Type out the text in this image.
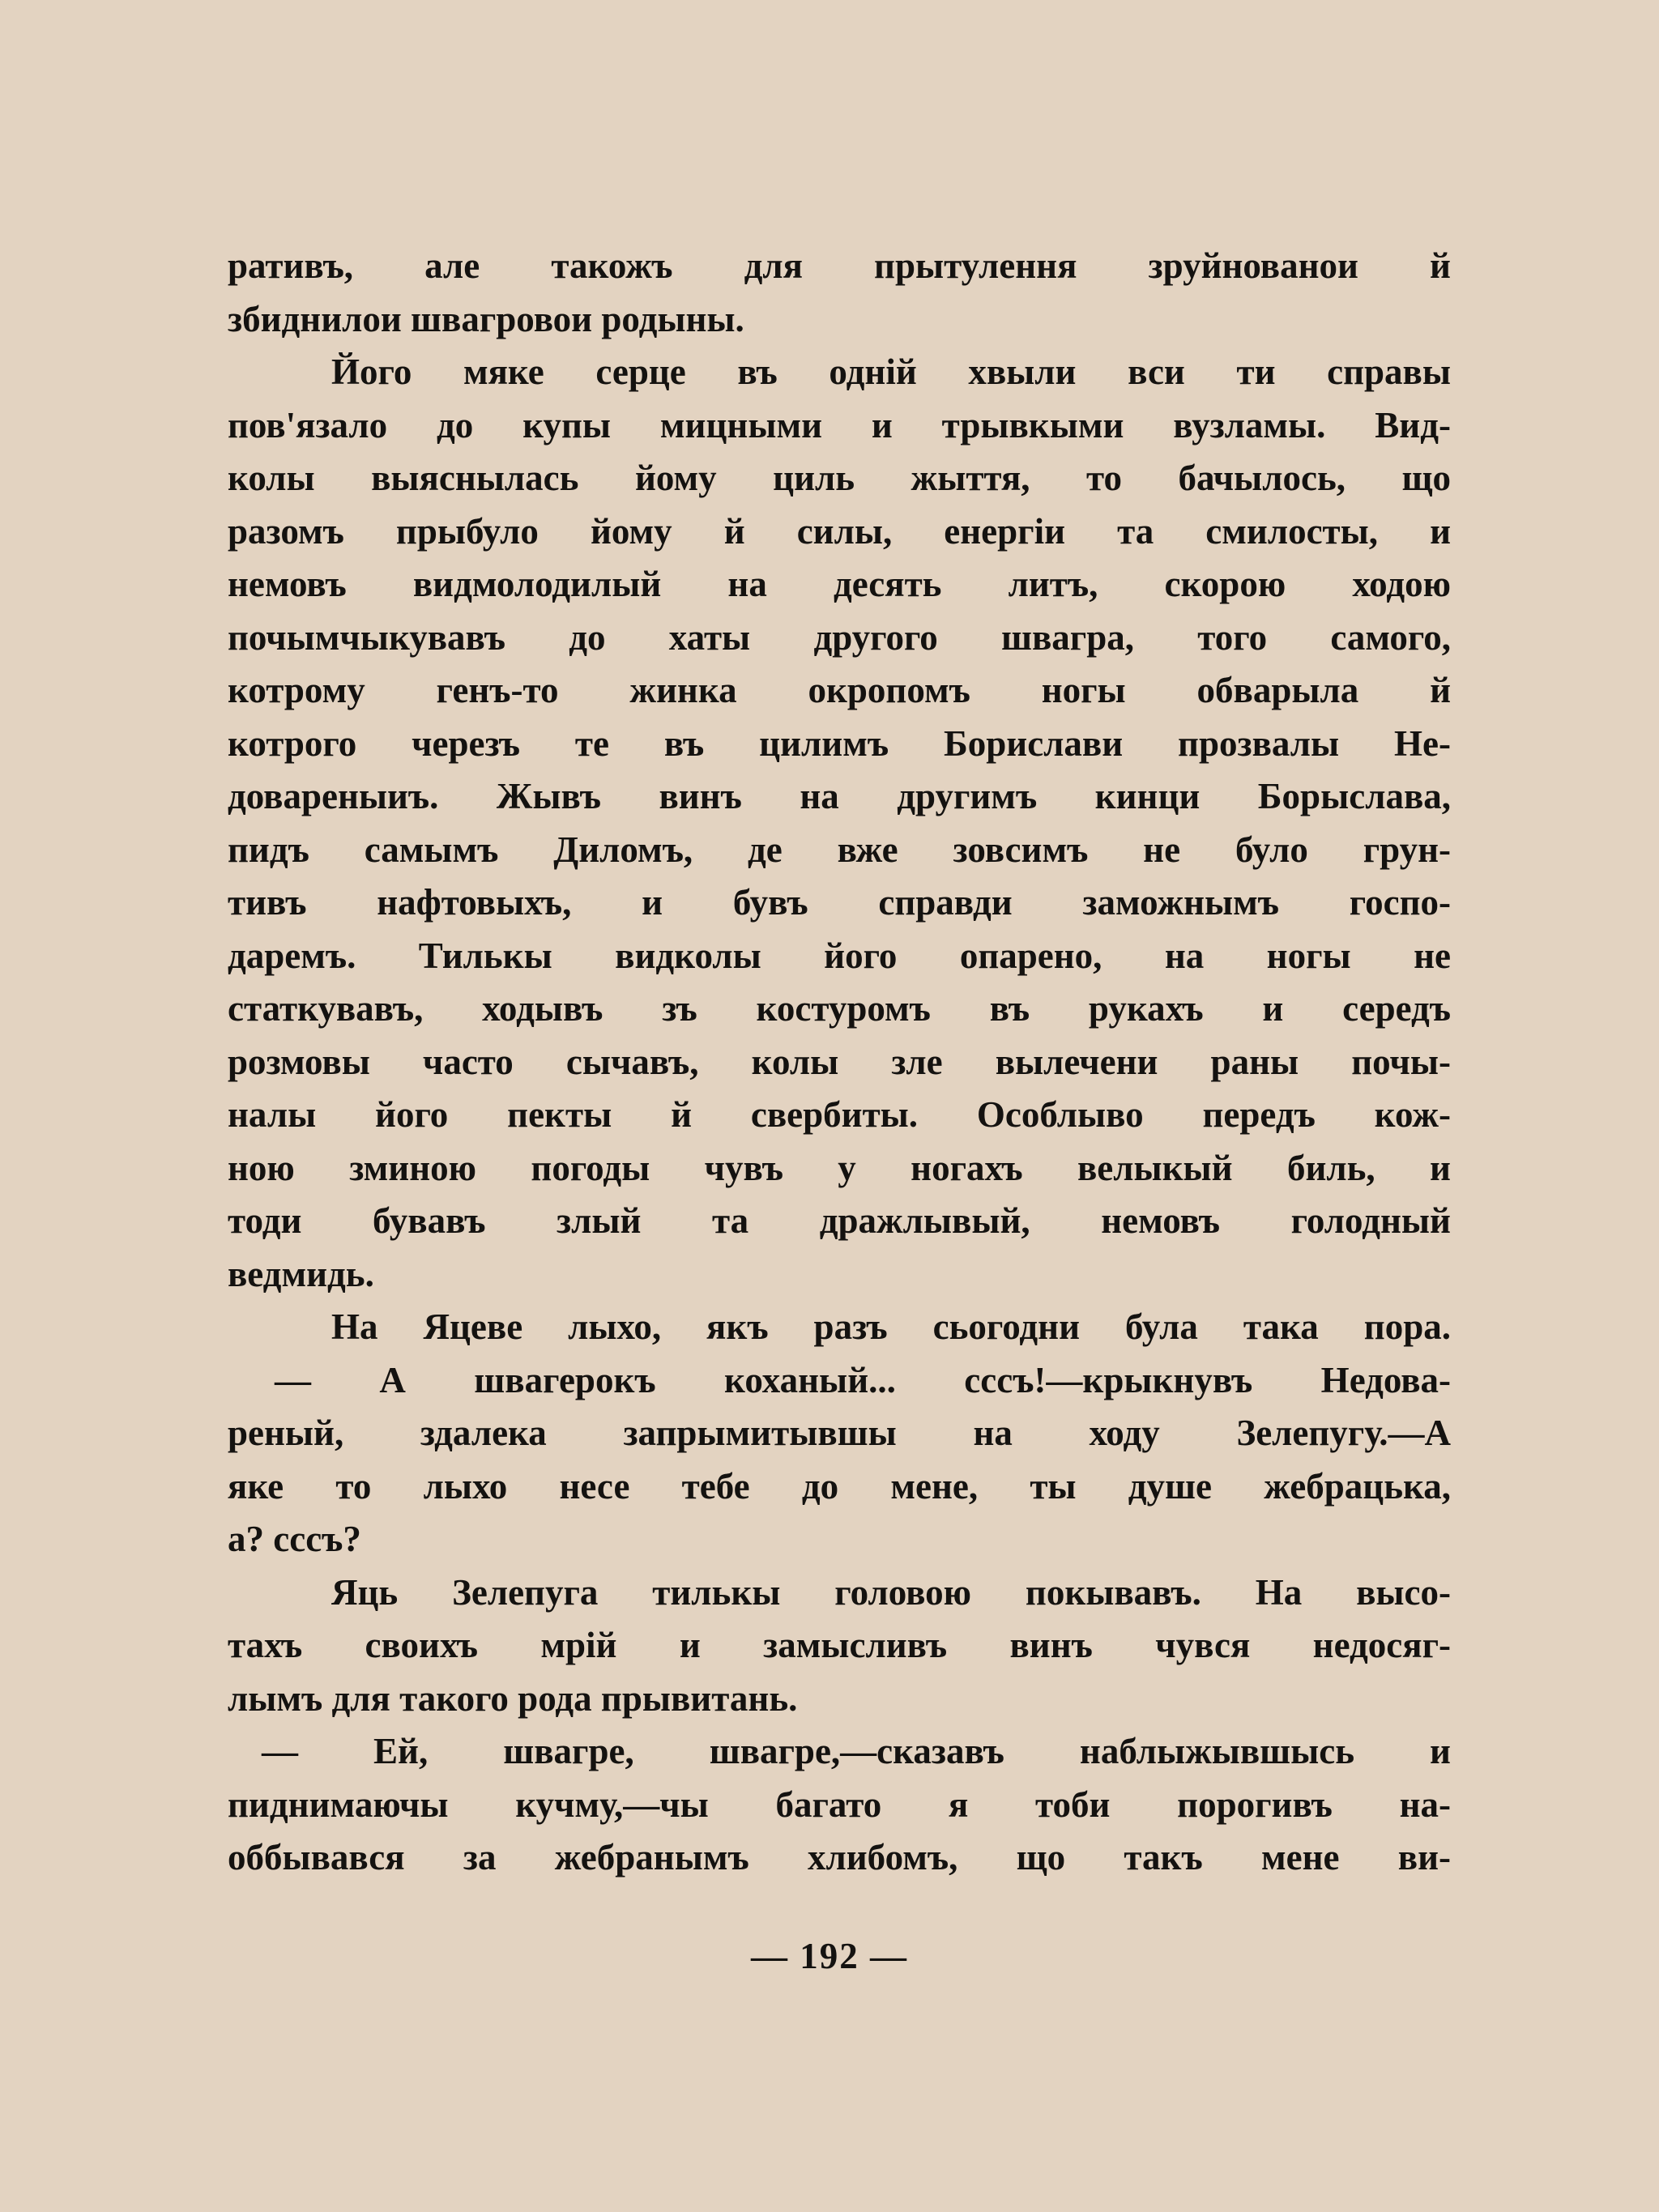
ративъ, але такожъ для прытулення зруйнованои й
збиднилои швагровои родыны.
Його мяке серце въ однiй хвыли вси ти справы
пов'язало до купы мицными и трывкыми вузламы. Вид-
колы выяснылась йому циль жыття, то бачылось, що
разомъ прыбуло йому й силы, енергiи та смилосты, и
немовъ видмолодилый на десять литъ, скорою ходою
почымчыкувавъ до хаты другого швагра, того самого,
котрому генъ-то жинка окропомъ ногы обварыла й
котрого черезъ те въ цилимъ Борислави прозвалы Не-
довареныиъ. Жывъ винъ на другимъ кинци Борыслава,
пидъ самымъ Диломъ, де вже зовсимъ не було грун-
тивъ нафтовыхъ, и бувъ справди заможнымъ госпо-
даремъ. Тилькы видколы його опарено, на ногы не
статкувавъ, ходывъ зъ костуромъ въ рукахъ и середъ
розмовы часто сычавъ, колы зле вылечени раны почы-
налы його пекты й свербиты. Особлыво передъ кож-
ною зминою погоды чувъ у ногахъ велыкый биль, и
тоди бувавъ злый та дражлывый, немовъ голодный
ведмидь.
На Яцеве лыхо, якъ разъ сьогодни була така пора.
— А швагерокъ коханый... сссъ!—крыкнувъ Недова-
реный, здалека запрымитывшы на ходу Зелепугу.—А
яке то лыхо несе тебе до мене, ты душе жебрацька,
а? сссъ?
Яць Зелепуга тилькы головою покывавъ. На высо-
тахъ своихъ мрiй и замысливъ винъ чувся недосяг-
лымъ для такого рода прывитань.
— Ей, швагре, швагре,—сказавъ наблыжывшысь и
пиднимаючы кучму,—чы багато я тоби порогивъ на-
оббывався за жебранымъ хлибомъ, що такъ мене ви-
— 192 —
